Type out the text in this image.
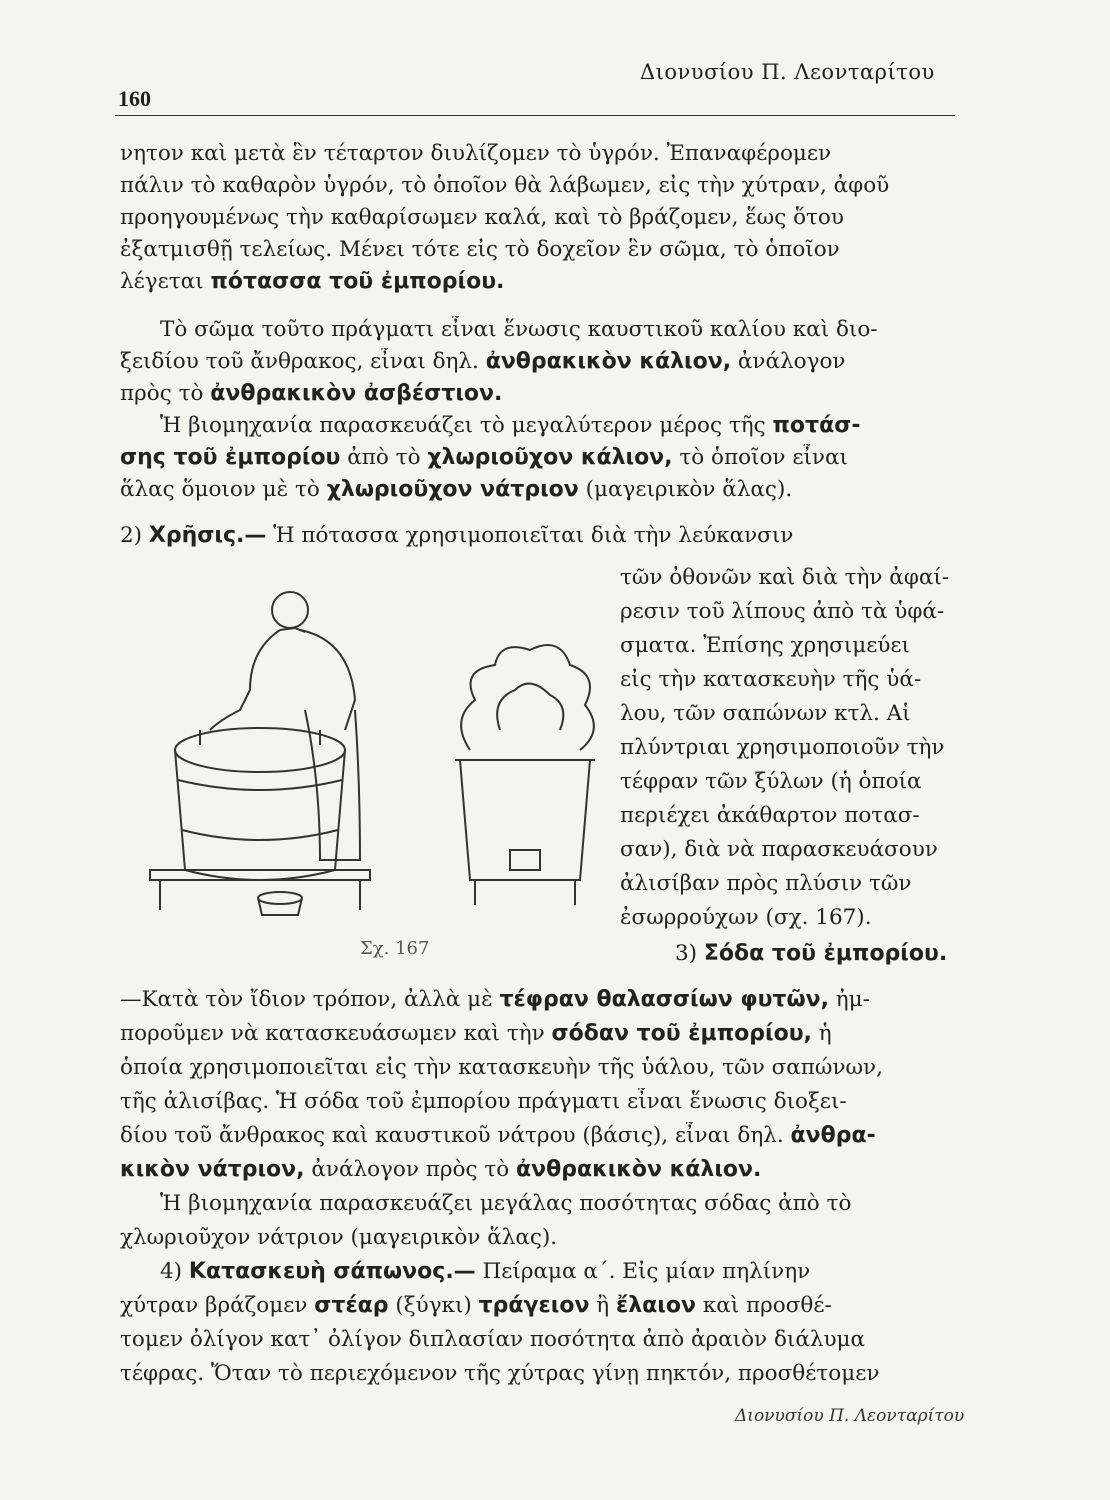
160
Διονυσίου Π. Λεονταρίτου
νητον καὶ μετὰ ἓν τέταρτον διυλίζομεν τὸ ὑγρόν. Ἐπαναφέρομεν
πάλιν τὸ καθαρὸν ὑγρόν, τὸ ὁποῖον θὰ λάβωμεν, εἰς τὴν χύτραν, ἀφοῦ
προηγουμένως τὴν καθαρίσωμεν καλά, καὶ τὸ βράζομεν, ἕως ὅτου
ἐξατμισθῇ τελείως. Μένει τότε εἰς τὸ δοχεῖον ἓν σῶμα, τὸ ὁποῖον
λέγεται πότασσα τοῦ ἐμπορίου.
Τὸ σῶμα τοῦτο πράγματι εἶναι ἕνωσις καυστικοῦ καλίου καὶ διο-
ξειδίου τοῦ ἄνθρακος, εἶναι δηλ. ἀνθρακικὸν κάλιον, ἀνάλογον
πρὸς τὸ ἀνθρακικὸν ἀσβέστιον.
Ἡ βιομηχανία παρασκευάζει τὸ μεγαλύτερον μέρος τῆς ποτάσ-
σης τοῦ ἐμπορίου ἀπὸ τὸ χλωριοῦχον κάλιον, τὸ ὁποῖον εἶναι
ἅλας ὅμοιον μὲ τὸ χλωριοῦχον νάτριον (μαγειρικὸν ἅλας).
2) Χρῆσις.— Ἡ πότασσα χρησιμοποιεῖται διὰ τὴν λεύκανσιν
τῶν ὀθονῶν καὶ διὰ τὴν ἀφαί-
ρεσιν τοῦ λίπους ἀπὸ τὰ ὑφά-
σματα. Ἐπίσης χρησιμεύει
εἰς τὴν κατασκευὴν τῆς ὑά-
λου, τῶν σαπώνων κτλ. Αἱ
πλύντριαι χρησιμοποιοῦν τὴν
τέφραν τῶν ξύλων (ἡ ὁποία
περιέχει ἀκάθαρτον ποτασ-
σαν), διὰ νὰ παρασκευάσουν
ἀλισίβαν πρὸς πλύσιν τῶν
ἐσωρρούχων (σχ. 167).
3) Σόδα τοῦ ἐμπορίου.
—Κατὰ τὸν ἴδιον τρόπον, ἀλλὰ μὲ τέφραν θαλασσίων φυτῶν, ἠμ-
ποροῦμεν νὰ κατασκευάσωμεν καὶ τὴν σόδαν τοῦ ἐμπορίου, ἡ
ὁποία χρησιμοποιεῖται εἰς τὴν κατασκευὴν τῆς ὑάλου, τῶν σαπώνων,
τῆς ἀλισίβας. Ἡ σόδα τοῦ ἐμπορίου πράγματι εἶναι ἕνωσις διοξει-
δίου τοῦ ἄνθρακος καὶ καυστικοῦ νάτρου (βάσις), εἶναι δηλ. ἀνθρα-
κικὸν νάτριον, ἀνάλογον πρὸς τὸ ἀνθρακικὸν κάλιον.
Ἡ βιομηχανία παρασκευάζει μεγάλας ποσότητας σόδας ἀπὸ τὸ
χλωριοῦχον νάτριον (μαγειρικὸν ἅλας).
4) Κατασκευὴ σάπωνος.— Πείραμα α΄. Εἰς μίαν πηλίνην
χύτραν βράζομεν στέαρ (ξύγκι) τράγειον ἢ ἔλαιον καὶ προσθέ-
τομεν ὀλίγον κατ᾽ ὀλίγον διπλασίαν ποσότητα ἀπὸ ἀραιὸν διάλυμα
τέφρας. Ὅταν τὸ περιεχόμενον τῆς χύτρας γίνῃ πηκτόν, προσθέτομεν
Σχ. 167
Διονυσίου Π. Λεονταρίτου
